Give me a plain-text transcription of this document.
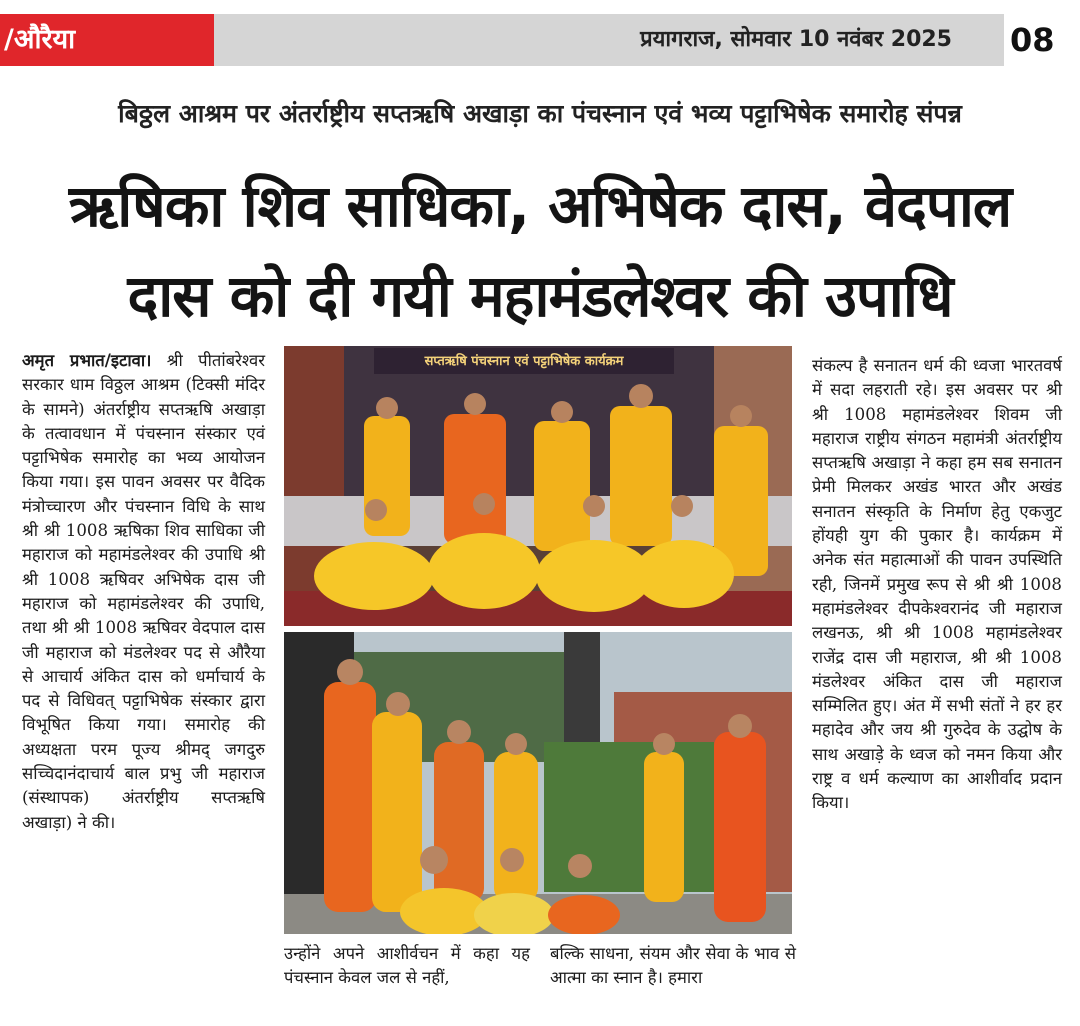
/औरैया	प्रयागराज, सोमवार 10 नवंबर 2025 08
बिठ्ठल आश्रम पर अंतर्राष्ट्रीय सप्तऋषि अखाड़ा का पंचस्नान एवं भव्य पट्टाभिषेक समारोह संपन्न
ऋषिका शिव साधिका, अभिषेक दास, वेदपाल
दास को दी गयी महामंडलेश्वर की उपाधि

अमृत प्रभात/इटावा। श्री पीतांबरेश्वर सरकार धाम विठ्ठल आश्रम (टिक्सी मंदिर के सामने) अंतर्राष्ट्रीय सप्तऋषि अखाड़ा के तत्वावधान में पंचस्नान संस्कार एवं पट्टाभिषेक समारोह का भव्य आयोजन किया गया। इस पावन अवसर पर वैदिक मंत्रोच्चारण और पंचस्नान विधि के साथ श्री श्री 1008 ऋषिका शिव साधिका जी महाराज को महामंडलेश्वर की उपाधि श्री श्री 1008 ऋषिवर अभिषेक दास जी महाराज को महामंडलेश्वर की उपाधि, तथा श्री श्री 1008 ऋषिवर वेदपाल दास जी महाराज को मंडलेश्वर पद से औरैया से आचार्य अंकित दास को धर्माचार्य के पद से विधिवत् पट्टाभिषेक संस्कार द्वारा विभूषित किया गया। समारोह की अध्यक्षता परम पूज्य श्रीमद् जगदुरु सच्चिदानंदाचार्य बाल प्रभु जी महाराज (संस्थापक) अंतर्राष्ट्रीय सप्तऋषि अखाड़ा) ने की।

सप्तऋषि पंचस्नान एवं पट्टाभिषेक कार्यक्रम

उन्होंने अपने आशीर्वचन में कहा यह पंचस्नान केवल जल से नहीं,

बल्कि साधना, संयम और सेवा के भाव से आत्मा का स्नान है। हमारा

संकल्प है सनातन धर्म की ध्वजा भारतवर्ष में सदा लहराती रहे। इस अवसर पर श्री श्री 1008 महामंडलेश्वर शिवम जी महाराज राष्ट्रीय संगठन महामंत्री अंतर्राष्ट्रीय सप्तऋषि अखाड़ा ने कहा हम सब सनातन प्रेमी मिलकर अखंड भारत और अखंड सनातन संस्कृति के निर्माण हेतु एकजुट होंयही युग की पुकार है। कार्यक्रम में अनेक संत महात्माओं की पावन उपस्थिति रही, जिनमें प्रमुख रूप से श्री श्री 1008 महामंडलेश्वर दीपकेश्वरानंद जी महाराज लखनऊ, श्री श्री 1008 महामंडलेश्वर राजेंद्र दास जी महाराज, श्री श्री 1008 मंडलेश्वर अंकित दास जी महाराज सम्मिलित हुए। अंत में सभी संतों ने हर हर महादेव और जय श्री गुरुदेव के उद्घोष के साथ अखाड़े के ध्वज को नमन किया और राष्ट्र व धर्म कल्याण का आशीर्वाद प्रदान किया।
